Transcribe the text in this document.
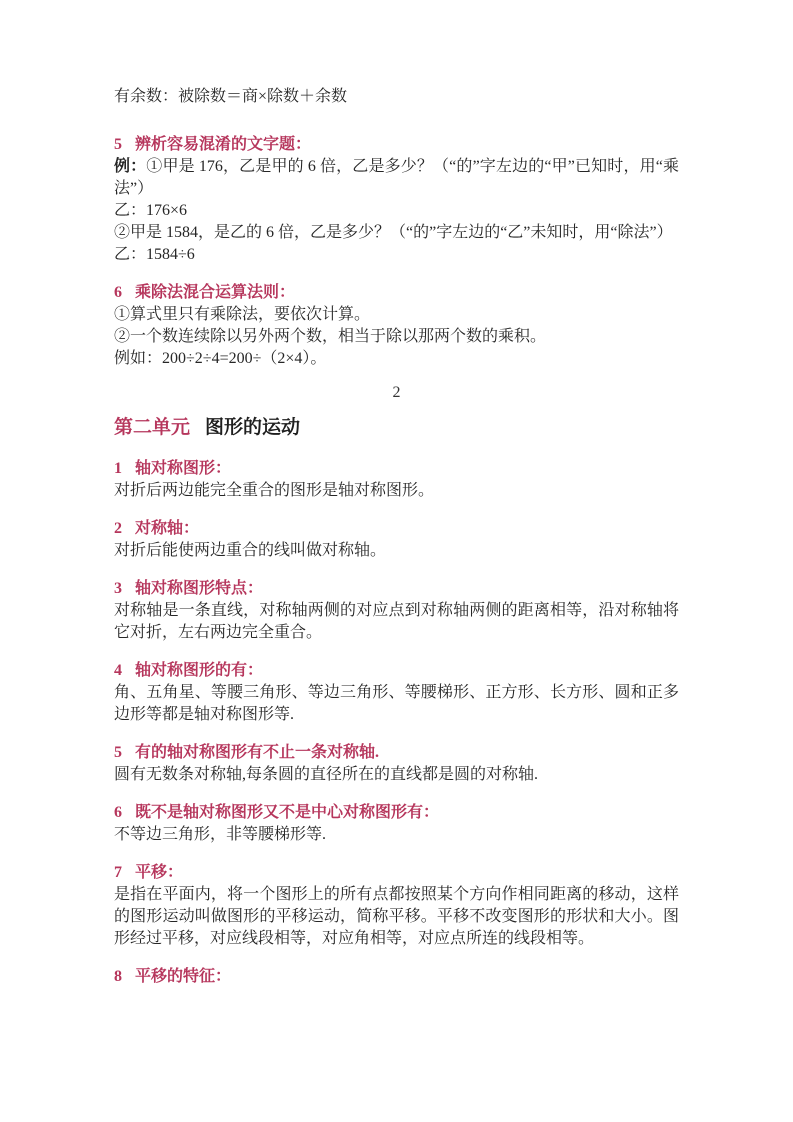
有余数：被除数＝商×除数＋余数

5 辨析容易混淆的文字题：

例：①甲是 176，乙是甲的 6 倍，乙是多少？（“的”字左边的“甲”已知时，用“乘法”）

乙：176×6

②甲是 1584，是乙的 6 倍，乙是多少？（“的”字左边的“乙”未知时，用“除法”）

乙：1584÷6

6 乘除法混合运算法则：

①算式里只有乘除法，要依次计算。

②一个数连续除以另外两个数，相当于除以那两个数的乘积。

例如：200÷2÷4=200÷（2×4）。

2
第二单元 图形的运动
1 轴对称图形：

对折后两边能完全重合的图形是轴对称图形。

2 对称轴：

对折后能使两边重合的线叫做对称轴。

3 轴对称图形特点：

对称轴是一条直线，对称轴两侧的对应点到对称轴两侧的距离相等，沿对称轴将它对折，左右两边完全重合。

4 轴对称图形的有：

角、五角星、等腰三角形、等边三角形、等腰梯形、正方形、长方形、圆和正多边形等都是轴对称图形等.

5 有的轴对称图形有不止一条对称轴.

圆有无数条对称轴,每条圆的直径所在的直线都是圆的对称轴.

6 既不是轴对称图形又不是中心对称图形有：

不等边三角形，非等腰梯形等.

7 平移：

是指在平面内，将一个图形上的所有点都按照某个方向作相同距离的移动，这样的图形运动叫做图形的平移运动，简称平移。平移不改变图形的形状和大小。图形经过平移，对应线段相等，对应角相等，对应点所连的线段相等。

8 平移的特征：
